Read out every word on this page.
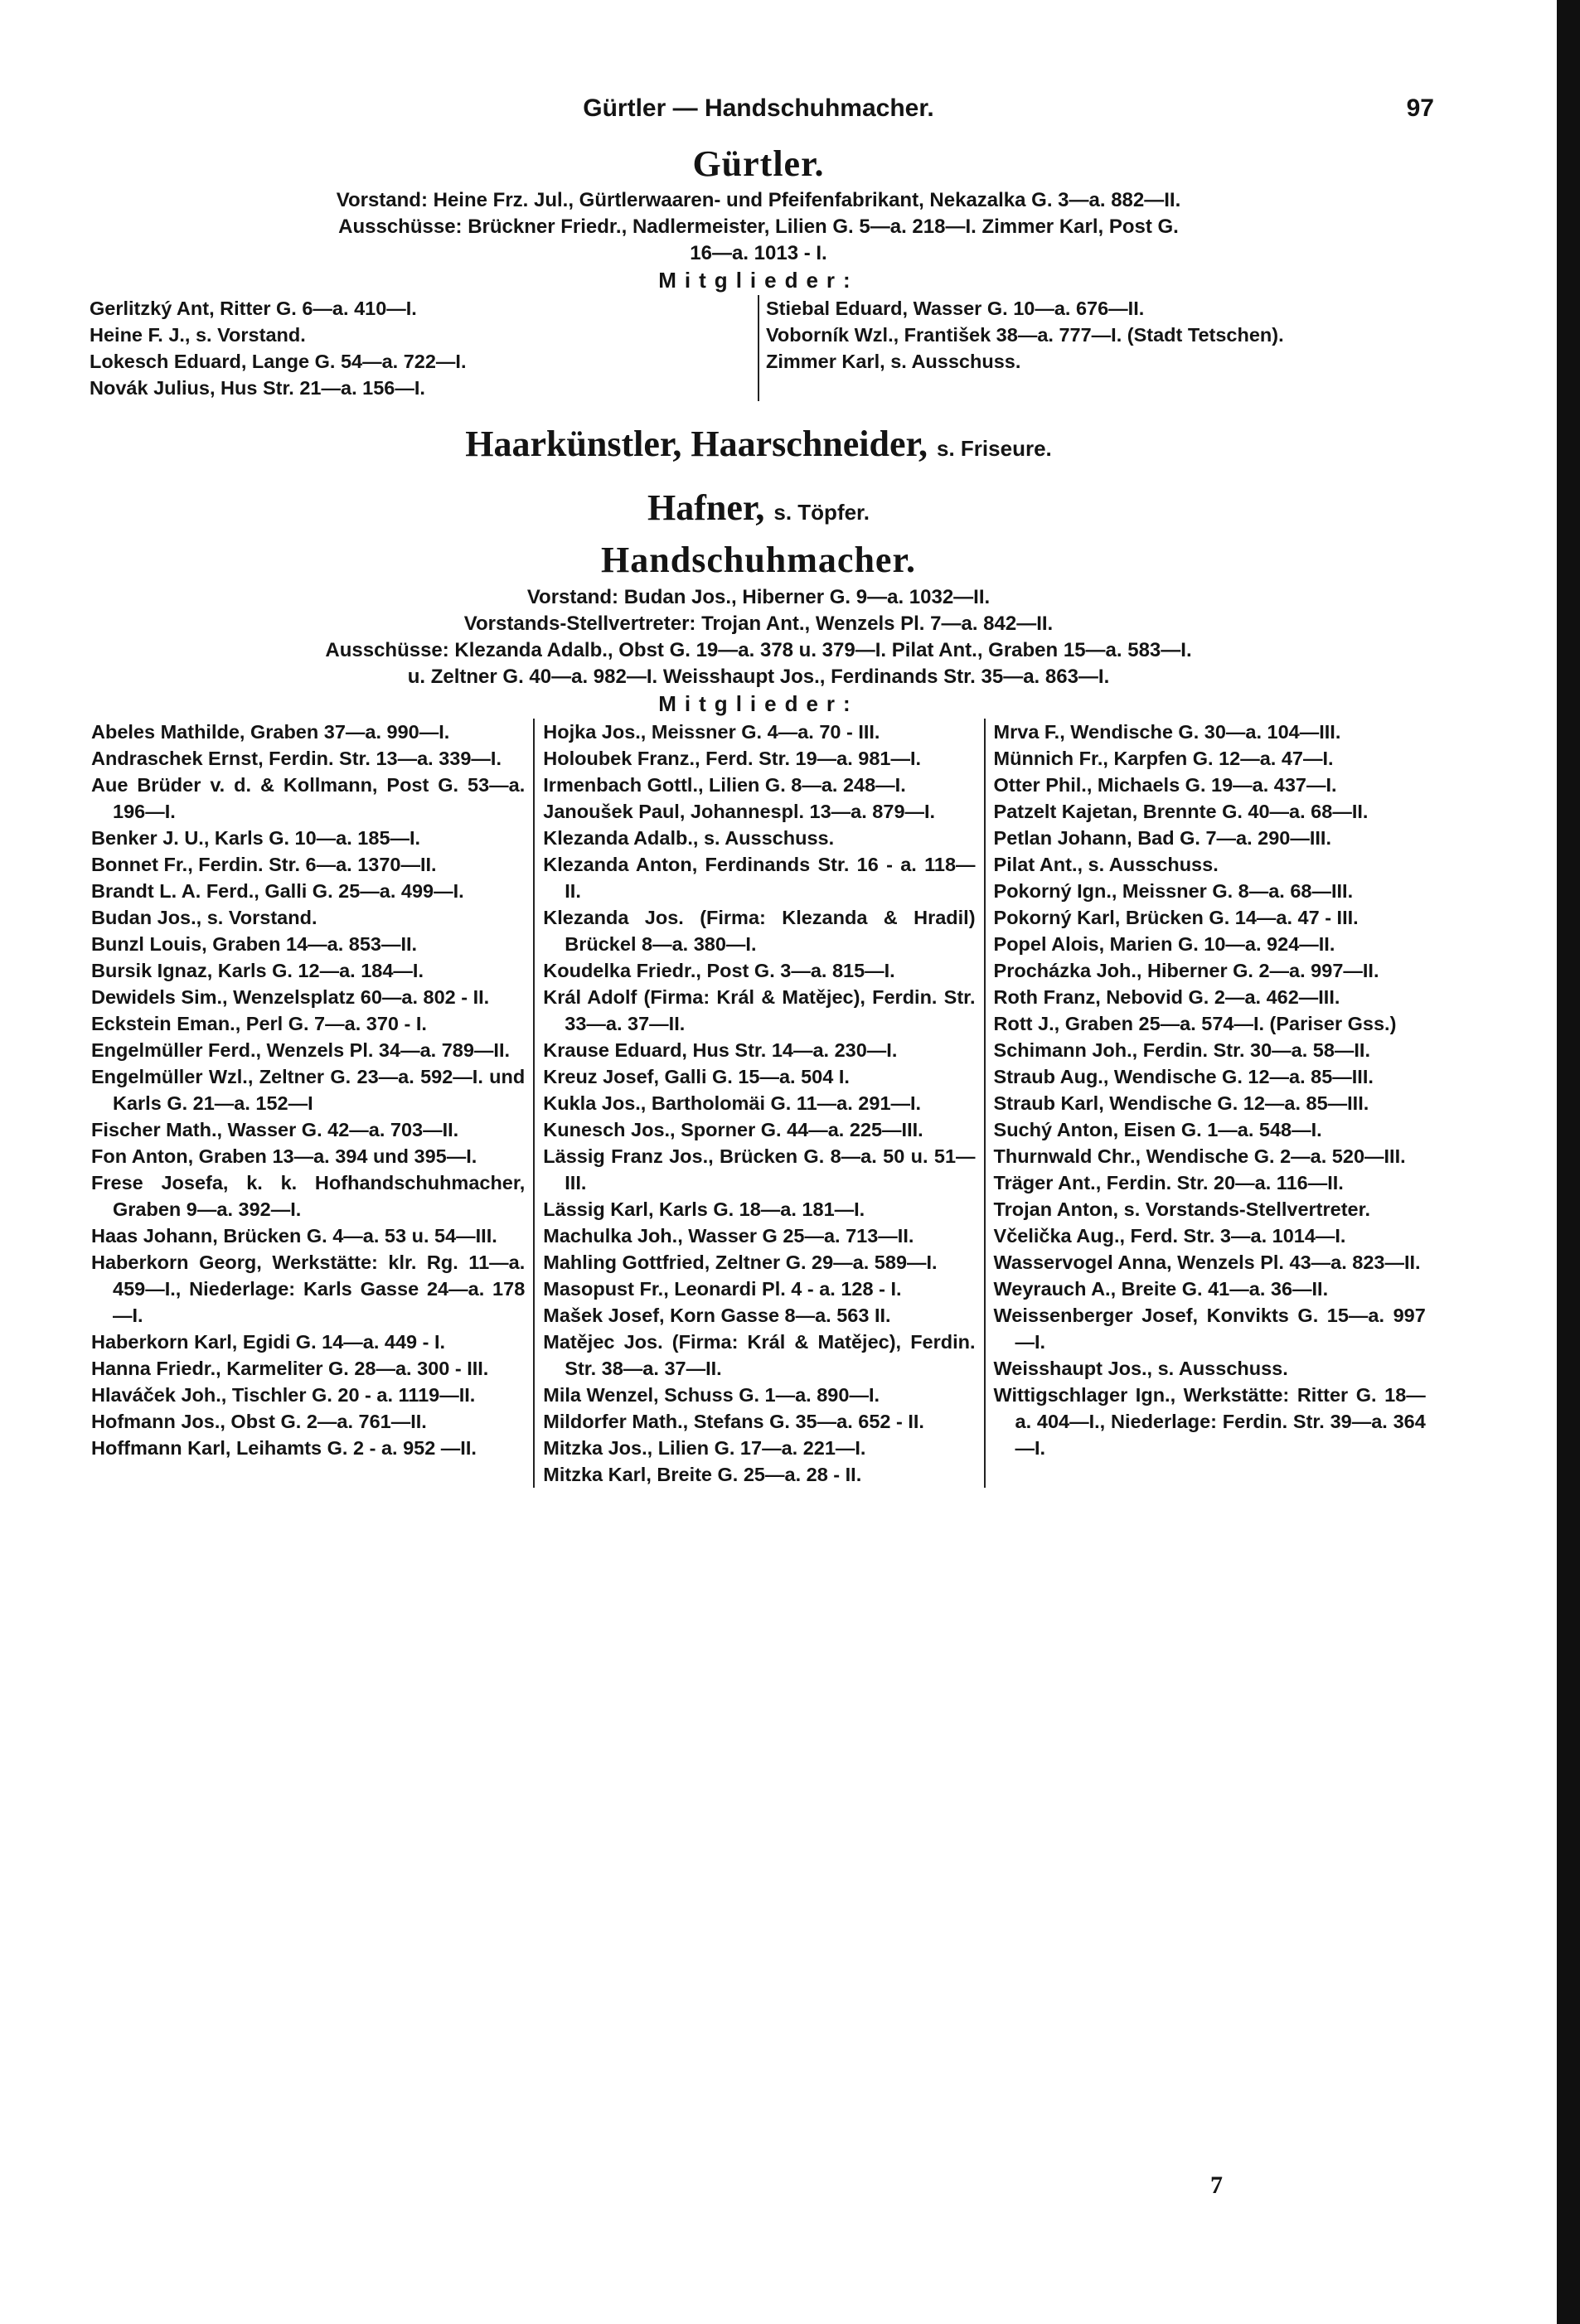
Gürtler — Handschuhmacher.	97
Gürtler.
Vorstand: Heine Frz. Jul., Gürtlerwaaren- und Pfeifenfabrikant, Nekazalka G. 3—a. 882—II.
Ausschüsse: Brückner Friedr., Nadlermeister, Lilien G. 5—a. 218—I. Zimmer Karl, Post G.
16—a. 1013 - I.
Mitglieder:
Gerlitzký Ant, Ritter G. 6—a. 410—I.
Heine F. J., s. Vorstand.
Lokesch Eduard, Lange G. 54—a. 722—I.
Novák Julius, Hus Str. 21—a. 156—I.
Stiebal Eduard, Wasser G. 10—a. 676—II.
Voborník Wzl., František 38—a. 777—I. (Stadt Tetschen).
Zimmer Karl, s. Ausschuss.
Haarkünstler, Haarschneider, s. Friseure.
Hafner, s. Töpfer.
Handschuhmacher.
Vorstand: Budan Jos., Hiberner G. 9—a. 1032—II.
Vorstands-Stellvertreter: Trojan Ant., Wenzels Pl. 7—a. 842—II.
Ausschüsse: Klezanda Adalb., Obst G. 19—a. 378 u. 379—I. Pilat Ant., Graben 15—a. 583—I.
u. Zeltner G. 40—a. 982—I. Weisshaupt Jos., Ferdinands Str. 35—a. 863—I.
Mitglieder:
Abeles Mathilde, Graben 37—a. 990—I.
Andraschek Ernst, Ferdin. Str. 13—a. 339—I.
Aue Brüder v. d. & Kollmann, Post G. 53—a. 196—I.
Benker J. U., Karls G. 10—a. 185—I.
Bonnet Fr., Ferdin. Str. 6—a. 1370—II.
Brandt L. A. Ferd., Galli G. 25—a. 499—I.
Budan Jos., s. Vorstand.
Bunzl Louis, Graben 14—a. 853—II.
Bursik Ignaz, Karls G. 12—a. 184—I.
Dewidels Sim., Wenzelsplatz 60—a. 802 - II.
Eckstein Eman., Perl G. 7—a. 370 - I.
Engelmüller Ferd., Wenzels Pl. 34—a. 789—II.
Engelmüller Wzl., Zeltner G. 23—a. 592—I. und Karls G. 21—a. 152—I
Fischer Math., Wasser G. 42—a. 703—II.
Fon Anton, Graben 13—a. 394 und 395—I.
Frese Josefa, k. k. Hofhandschuhmacher, Graben 9—a. 392—I.
Haas Johann, Brücken G. 4—a. 53 u. 54—III.
Haberkorn Georg, Werkstätte: klr. Rg. 11—a. 459—I., Niederlage: Karls Gasse 24—a. 178—I.
Haberkorn Karl, Egidi G. 14—a. 449 - I.
Hanna Friedr., Karmeliter G. 28—a. 300 - III.
Hlaváček Joh., Tischler G. 20 - a. 1119—II.
Hofmann Jos., Obst G. 2—a. 761—II.
Hoffmann Karl, Leihamts G. 2 - a. 952 —II.
Hojka Jos., Meissner G. 4—a. 70 - III.
Holoubek Franz., Ferd. Str. 19—a. 981—I.
Irmenbach Gottl., Lilien G. 8—a. 248—I.
Janoušek Paul, Johannespl. 13—a. 879—I.
Klezanda Adalb., s. Ausschuss.
Klezanda Anton, Ferdinands Str. 16 - a. 118—II.
Klezanda Jos. (Firma: Klezanda & Hradil) Brückel 8—a. 380—I.
Koudelka Friedr., Post G. 3—a. 815—I.
Král Adolf (Firma: Král & Matějec), Ferdin. Str. 33—a. 37—II.
Krause Eduard, Hus Str. 14—a. 230—I.
Kreuz Josef, Galli G. 15—a. 504 I.
Kukla Jos., Bartholomäi G. 11—a. 291—I.
Kunesch Jos., Sporner G. 44—a. 225—III.
Lässig Franz Jos., Brücken G. 8—a. 50 u. 51—III.
Lässig Karl, Karls G. 18—a. 181—I.
Machulka Joh., Wasser G 25—a. 713—II.
Mahling Gottfried, Zeltner G. 29—a. 589—I.
Masopust Fr., Leonardi Pl. 4 - a. 128 - I.
Mašek Josef, Korn Gasse 8—a. 563 II.
Matějec Jos. (Firma: Král & Matějec), Ferdin. Str. 38—a. 37—II.
Mila Wenzel, Schuss G. 1—a. 890—I.
Mildorfer Math., Stefans G. 35—a. 652 - II.
Mitzka Jos., Lilien G. 17—a. 221—I.
Mitzka Karl, Breite G. 25—a. 28 - II.
Mrva F., Wendische G. 30—a. 104—III.
Münnich Fr., Karpfen G. 12—a. 47—I.
Otter Phil., Michaels G. 19—a. 437—I.
Patzelt Kajetan, Brennte G. 40—a. 68—II.
Petlan Johann, Bad G. 7—a. 290—III.
Pilat Ant., s. Ausschuss.
Pokorný Ign., Meissner G. 8—a. 68—III.
Pokorný Karl, Brücken G. 14—a. 47 - III.
Popel Alois, Marien G. 10—a. 924—II.
Procházka Joh., Hiberner G. 2—a. 997—II.
Roth Franz, Nebovid G. 2—a. 462—III.
Rott J., Graben 25—a. 574—I. (Pariser Gss.)
Schimann Joh., Ferdin. Str. 30—a. 58—II.
Straub Aug., Wendische G. 12—a. 85—III.
Straub Karl, Wendische G. 12—a. 85—III.
Suchý Anton, Eisen G. 1—a. 548—I.
Thurnwald Chr., Wendische G. 2—a. 520—III.
Träger Ant., Ferdin. Str. 20—a. 116—II.
Trojan Anton, s. Vorstands-Stellvertreter.
Včelička Aug., Ferd. Str. 3—a. 1014—I.
Wasservogel Anna, Wenzels Pl. 43—a. 823—II.
Weyrauch A., Breite G. 41—a. 36—II.
Weissenberger Josef, Konvikts G. 15—a. 997—I.
Weisshaupt Jos., s. Ausschuss.
Wittigschlager Ign., Werkstätte: Ritter G. 18—a. 404—I., Niederlage: Ferdin. Str. 39—a. 364—I.
7
